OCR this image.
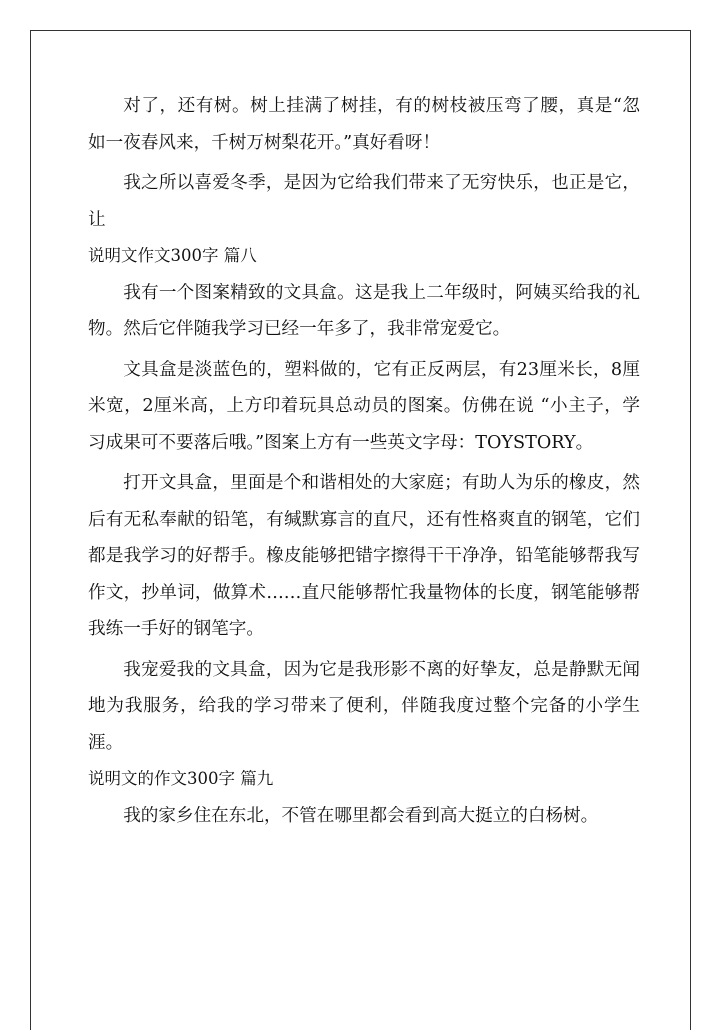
对了，还有树。树上挂满了树挂，有的树枝被压弯了腰，真是“忽如一夜春风来，千树万树梨花开。”真好看呀！

我之所以喜爱冬季，是因为它给我们带来了无穷快乐，也正是它，让

说明文作文300字 篇八

我有一个图案精致的文具盒。这是我上二年级时，阿姨买给我的礼物。然后它伴随我学习已经一年多了，我非常宠爱它。

文具盒是淡蓝色的，塑料做的，它有正反两层，有23厘米长，8厘米宽，2厘米高，上方印着玩具总动员的图案。仿佛在说 “小主子，学习成果可不要落后哦。”图案上方有一些英文字母：TOYSTORY。

打开文具盒，里面是个和谐相处的大家庭；有助人为乐的橡皮，然后有无私奉献的铅笔，有缄默寡言的直尺，还有性格爽直的钢笔，它们都是我学习的好帮手。橡皮能够把错字擦得干干净净，铅笔能够帮我写作文，抄单词，做算术……直尺能够帮忙我量物体的长度，钢笔能够帮我练一手好的钢笔字。

我宠爱我的文具盒，因为它是我形影不离的好挚友，总是静默无闻地为我服务，给我的学习带来了便利，伴随我度过整个完备的小学生涯。

说明文的作文300字 篇九

我的家乡住在东北，不管在哪里都会看到高大挺立的白杨树。
